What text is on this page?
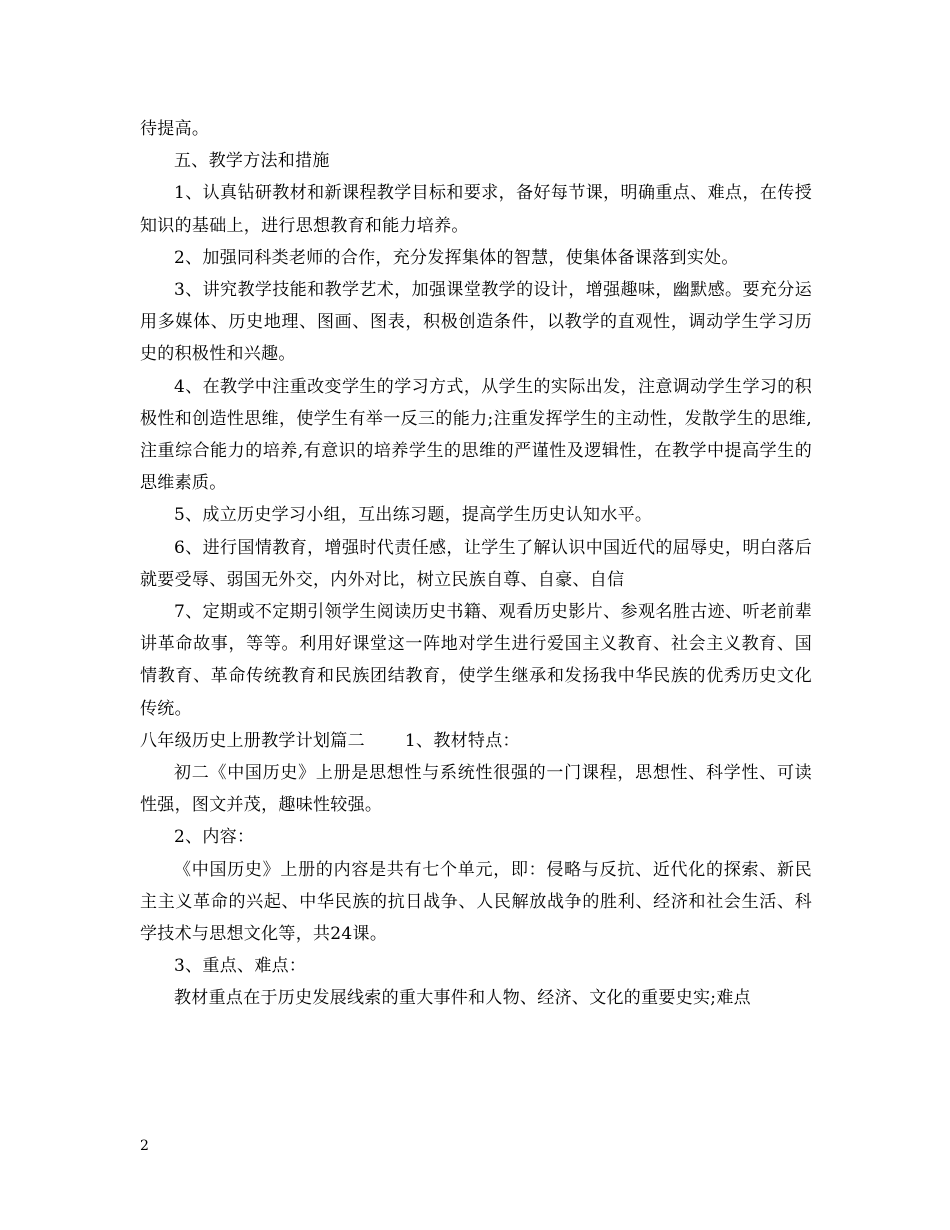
待提高。

五、教学方法和措施

1、认真钻研教材和新课程教学目标和要求，备好每节课，明确重点、难点，在传授知识的基础上，进行思想教育和能力培养。

2、加强同科类老师的合作，充分发挥集体的智慧，使集体备课落到实处。

3、讲究教学技能和教学艺术，加强课堂教学的设计，增强趣味，幽默感。要充分运用多媒体、历史地理、图画、图表，积极创造条件，以教学的直观性，调动学生学习历史的积极性和兴趣。

4、在教学中注重改变学生的学习方式，从学生的实际出发，注意调动学生学习的积极性和创造性思维，使学生有举一反三的能力;注重发挥学生的主动性，发散学生的思维,注重综合能力的培养,有意识的培养学生的思维的严谨性及逻辑性，在教学中提高学生的思维素质。

5、成立历史学习小组，互出练习题，提高学生历史认知水平。

6、进行国情教育，增强时代责任感，让学生了解认识中国近代的屈辱史，明白落后就要受辱、弱国无外交，内外对比，树立民族自尊、自豪、自信

7、定期或不定期引领学生阅读历史书籍、观看历史影片、参观名胜古迹、听老前辈讲革命故事，等等。利用好课堂这一阵地对学生进行爱国主义教育、社会主义教育、国情教育、革命传统教育和民族团结教育，使学生继承和发扬我中华民族的优秀历史文化传统。

八年级历史上册教学计划篇二 1、教材特点：

初二《中国历史》上册是思想性与系统性很强的一门课程，思想性、科学性、可读性强，图文并茂，趣味性较强。

2、内容：

《中国历史》上册的内容是共有七个单元，即：侵略与反抗、近代化的探索、新民主主义革命的兴起、中华民族的抗日战争、人民解放战争的胜利、经济和社会生活、科学技术与思想文化等，共24课。

3、重点、难点：

教材重点在于历史发展线索的重大事件和人物、经济、文化的重要史实;难点

2
